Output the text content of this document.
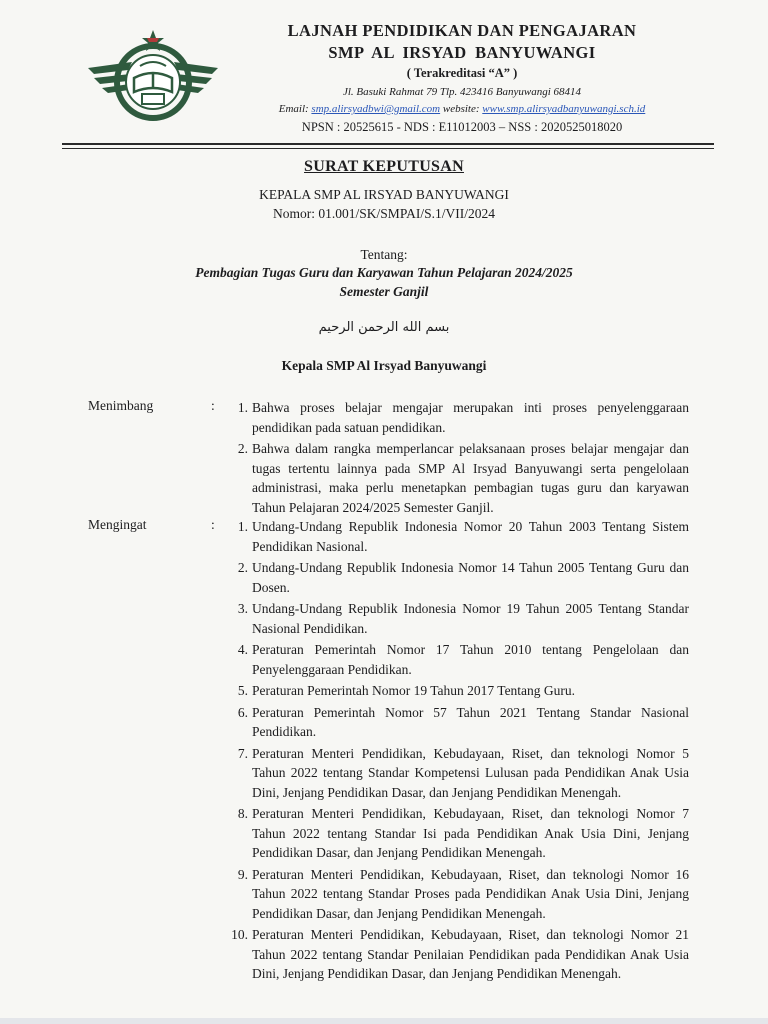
LAJNAH PENDIDIKAN DAN PENGAJARAN
SMP AL IRSYAD BANYUWANGI
( Terakreditasi “A” )
Jl. Basuki Rahmat 79 Tlp. 423416 Banyuwangi 68414
Email: smp.alirsyadbwi@gmail.com website: www.smp.alirsyadbanyuwangi.sch.id
NPSN : 20525615 - NDS : E11012003 – NSS : 2020525018020
SURAT KEPUTUSAN
KEPALA SMP AL IRSYAD BANYUWANGI
Nomor: 01.001/SK/SMPAI/S.1/VII/2024
Tentang:
Pembagian Tugas Guru dan Karyawan Tahun Pelajaran 2024/2025
Semester Ganjil
بسم الله الرحمن الرحيم
Kepala SMP Al Irsyad Banyuwangi
Menimbang	:	1. Bahwa proses belajar mengajar merupakan inti proses penyelenggaraan pendidikan pada satuan pendidikan.
2. Bahwa dalam rangka memperlancar pelaksanaan proses belajar mengajar dan tugas tertentu lainnya pada SMP Al Irsyad Banyuwangi serta pengelolaan administrasi, maka perlu menetapkan pembagian tugas guru dan karyawan Tahun Pelajaran 2024/2025 Semester Ganjil.
Mengingat	:	1. Undang-Undang Republik Indonesia Nomor 20 Tahun 2003 Tentang Sistem Pendidikan Nasional.
2. Undang-Undang Republik Indonesia Nomor 14 Tahun 2005 Tentang Guru dan Dosen.
3. Undang-Undang Republik Indonesia Nomor 19 Tahun 2005 Tentang Standar Nasional Pendidikan.
4. Peraturan Pemerintah Nomor 17 Tahun 2010 tentang Pengelolaan dan Penyelenggaraan Pendidikan.
5. Peraturan Pemerintah Nomor 19 Tahun 2017 Tentang Guru.
6. Peraturan Pemerintah Nomor 57 Tahun 2021 Tentang Standar Nasional Pendidikan.
7. Peraturan Menteri Pendidikan, Kebudayaan, Riset, dan teknologi Nomor 5 Tahun 2022 tentang Standar Kompetensi Lulusan pada Pendidikan Anak Usia Dini, Jenjang Pendidikan Dasar, dan Jenjang Pendidikan Menengah.
8. Peraturan Menteri Pendidikan, Kebudayaan, Riset, dan teknologi Nomor 7 Tahun 2022 tentang Standar Isi pada Pendidikan Anak Usia Dini, Jenjang Pendidikan Dasar, dan Jenjang Pendidikan Menengah.
9. Peraturan Menteri Pendidikan, Kebudayaan, Riset, dan teknologi Nomor 16 Tahun 2022 tentang Standar Proses pada Pendidikan Anak Usia Dini, Jenjang Pendidikan Dasar, dan Jenjang Pendidikan Menengah.
10. Peraturan Menteri Pendidikan, Kebudayaan, Riset, dan teknologi Nomor 21 Tahun 2022 tentang Standar Penilaian Pendidikan pada Pendidikan Anak Usia Dini, Jenjang Pendidikan Dasar, dan Jenjang Pendidikan Menengah.
